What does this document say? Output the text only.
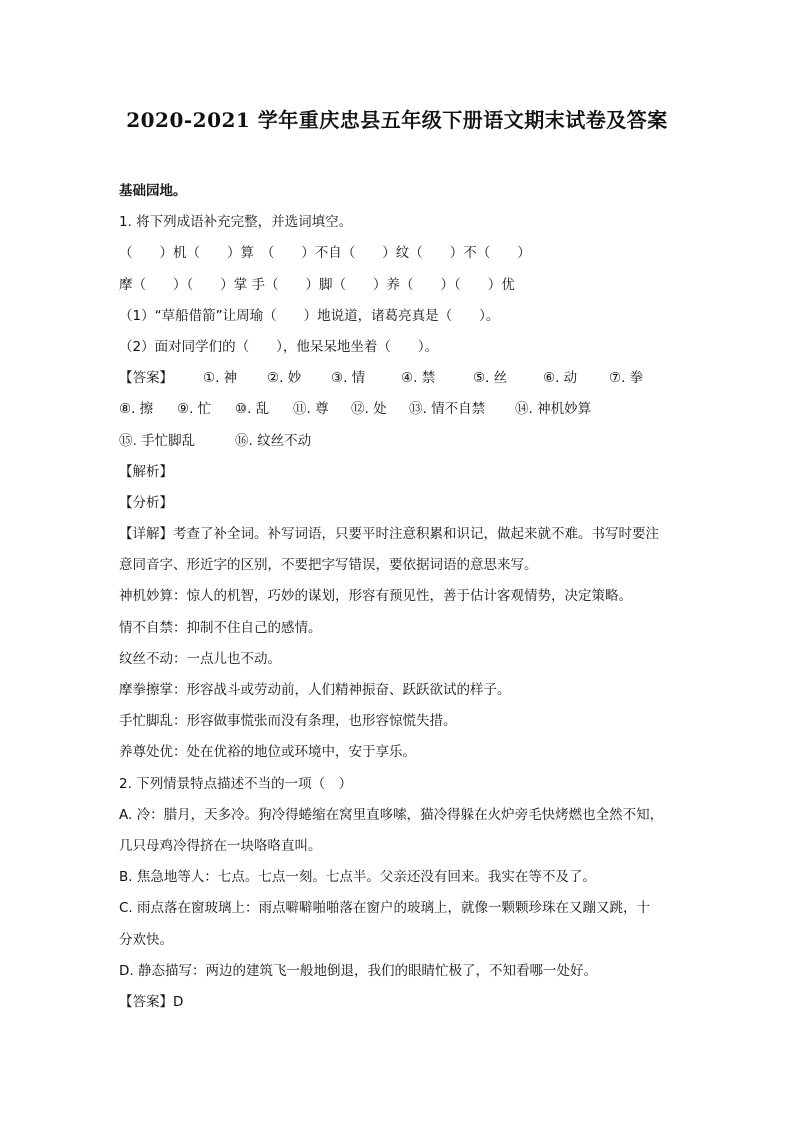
2020-2021 学年重庆忠县五年级下册语文期末试卷及答案
基础园地。
1. 将下列成语补充完整，并选词填空。
（　　）机（　　）算　（　　）不自（　　）纹（　　）不（　　）
摩（　　）（　　）掌 手（　　）脚（　　）养（　　）（　　）优
（1）“草船借箭”让周瑜（　　）地说道，诸葛亮真是（　　）。
（2）面对同学们的（　　），他呆呆地坐着（　　）。
【答案】	①. 神	②. 妙	③. 情	④. 禁	⑤. 丝	⑥. 动	⑦. 拳
⑧. 擦	⑨. 忙	⑩. 乱	⑪. 尊	⑫. 处	⑬. 情不自禁	⑭. 神机妙算
⑮. 手忙脚乱	⑯. 纹丝不动
【解析】
【分析】
【详解】考查了补全词。补写词语，只要平时注意积累和识记，做起来就不难。书写时要注
意同音字、形近字的区别，不要把字写错误，要依据词语的意思来写。
神机妙算：惊人的机智，巧妙的谋划，形容有预见性，善于估计客观情势，决定策略。
情不自禁：抑制不住自己的感情。
纹丝不动：一点儿也不动。
摩拳擦掌：形容战斗或劳动前，人们精神振奋、跃跃欲试的样子。
手忙脚乱：形容做事慌张而没有条理，也形容惊慌失措。
养尊处优：处在优裕的地位或环境中，安于享乐。
2. 下列情景特点描述不当的一项（　）
A. 冷：腊月，天多冷。狗冷得蜷缩在窝里直哆嗦，猫冷得躲在火炉旁毛快烤燃也全然不知，
几只母鸡冷得挤在一块咯咯直叫。
B. 焦急地等人：七点。七点一刻。七点半。父亲还没有回来。我实在等不及了。
C. 雨点落在窗玻璃上：雨点噼噼啪啪落在窗户的玻璃上，就像一颗颗珍珠在又蹦又跳，十
分欢快。
D. 静态描写：两边的建筑飞一般地倒退，我们的眼睛忙极了，不知看哪一处好。
【答案】D
